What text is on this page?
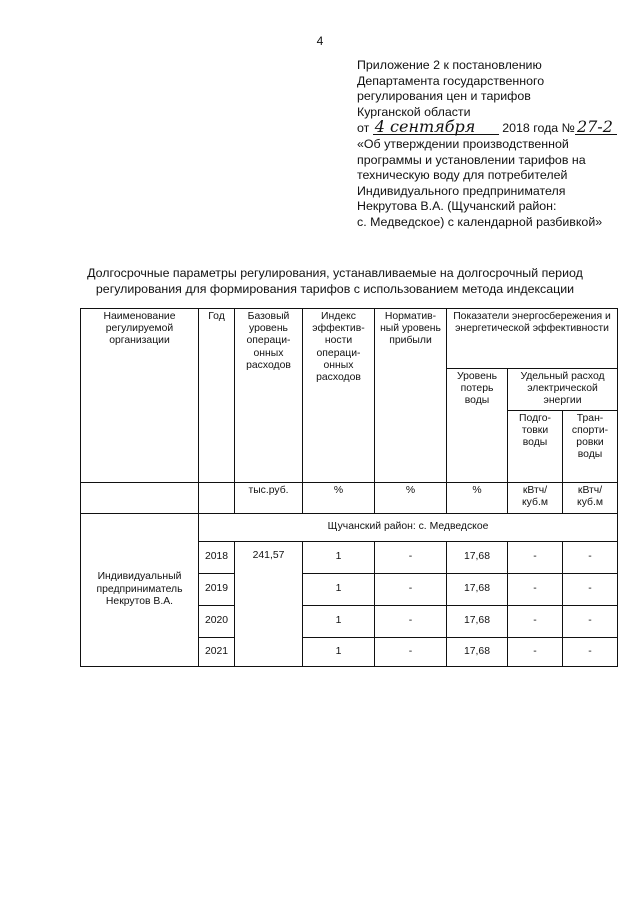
4
Приложение 2 к постановлению
Департамента государственного
регулирования цен и тарифов
Курганской области
от 4 сентября 2018 года № 27-2
«Об утверждении производственной
программы и установлении тарифов на
техническую воду для потребителей
Индивидуального предпринимателя
Некрутова В.А. (Щучанский район:
с. Медведское) с календарной разбивкой»
Долгосрочные параметры регулирования, устанавливаемые на долгосрочный период
регулирования для формирования тарифов с использованием метода индексации
Наименование регулируемой организации	Год	Базовый уровень операци-онных расходов	Индекс эффектив-ности операци-онных расходов	Норматив-ный уровень прибыли	Показатели энергосбережения и энергетической эффективности		
					Уровень потерь воды	Удельный расход электрической энергии	
						Подго-товки воды	Тран-спорти-ровки воды
		тыс.руб.	%	%	%	кВтч/ куб.м	кВтч/ куб.м
Индивидуальный предприниматель Некрутов В.А.	Щучанский район: с. Медведское						
	2018	241,57	1	-	17,68	-	-
	2019		1	-	17,68	-	-
	2020		1	-	17,68	-	-
	2021		1	-	17,68	-	-
